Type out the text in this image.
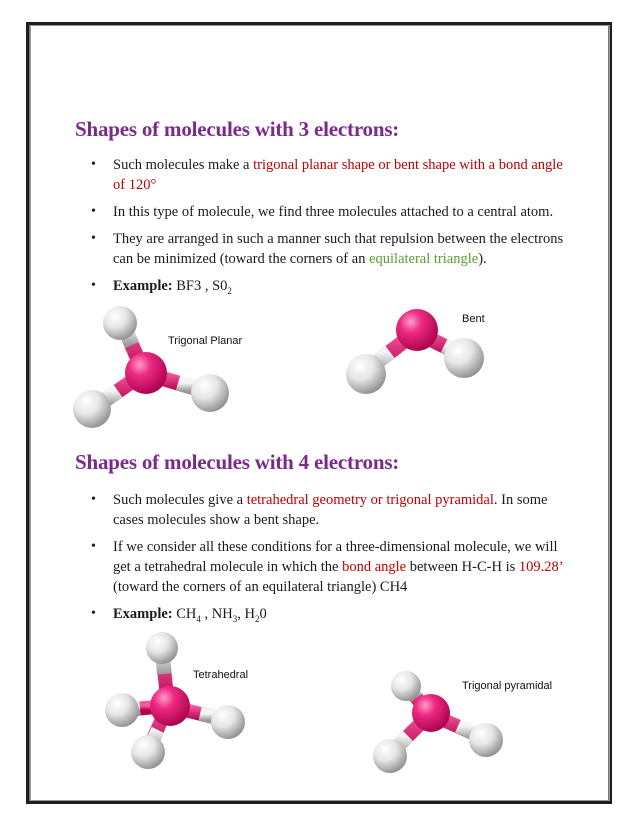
Shapes of molecules with 3 electrons:
• Such molecules make a trigonal planar shape or bent shape with a bond angle of 120°
• In this type of molecule, we find three molecules attached to a central atom.
• They are arranged in such a manner such that repulsion between the electrons can be minimized (toward the corners of an equilateral triangle).
• Example: BF3 , $S0_2$
Trigonal Planar
Bent
Shapes of molecules with 4 electrons:
• Such molecules give a tetrahedral geometry or trigonal pyramidal. In some cases molecules show a bent shape.
• If we consider all these conditions for a three-dimensional molecule, we will get a tetrahedral molecule in which the bond angle between H-C-H is 109.28’ (toward the corners of an equilateral triangle) CH4
• Example: $CH_4$ , $NH_3$, $H_20$
Tetrahedral
Trigonal pyramidal
